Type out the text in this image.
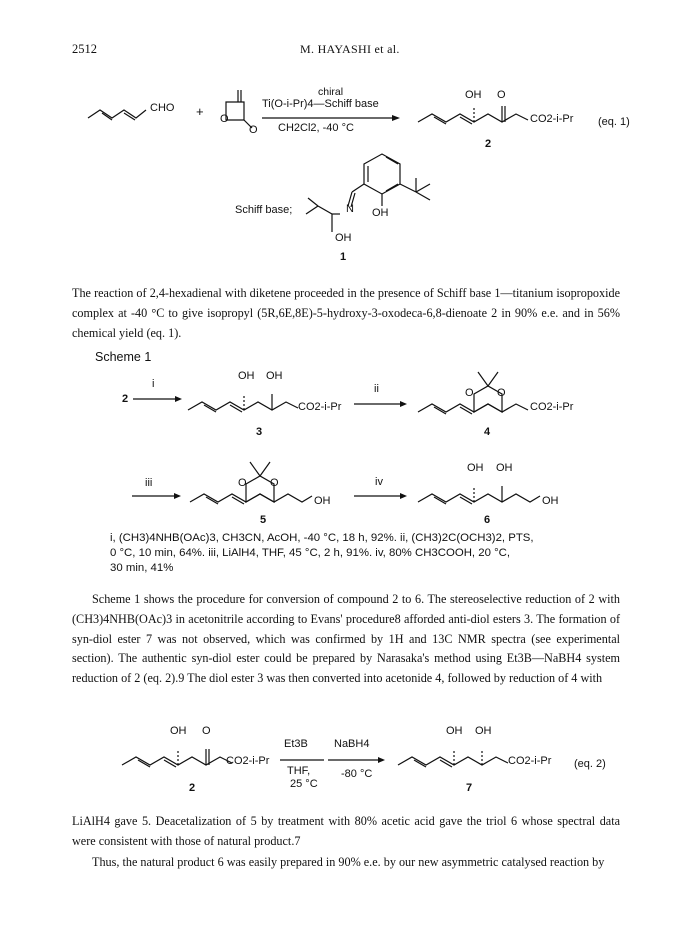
2512	M. HAYASHI et al.
CHO + O
O
chiral
Ti(O-i-Pr)4—Schiff base
CH2Cl2, -40 °C
OH O
CO2-i-Pr
2
(eq. 1)
Schiff base;	N OH
OH
1

The reaction of 2,4-hexadienal with diketene proceeded in the presence of Schiff base 1—titanium isopropoxide complex at -40 °C to give isopropyl (5R,6E,8E)-5-hydroxy-3-oxodeca-6,8-dienoate 2 in 90% e.e. and in 56% chemical yield (eq. 1).

Scheme 1
2
i
OH OH
CO2-i-Pr
3
ii	O O
CO2-i-Pr
4
iii	O O
OH
5
iv
OH OH
OH
6
i, (CH3)4NHB(OAc)3, CH3CN, AcOH, -40 °C, 18 h, 92%. ii, (CH3)2C(OCH3)2, PTS,
0 °C, 10 min, 64%. iii, LiAlH4, THF, 45 °C, 2 h, 91%. iv, 80% CH3COOH, 20 °C,
30 min, 41%

Scheme 1 shows the procedure for conversion of compound 2 to 6. The stereoselective reduction of 2 with (CH3)4NHB(OAc)3 in acetonitrile according to Evans' procedure8 afforded anti-diol esters 3. The formation of syn-diol ester 7 was not observed, which was confirmed by 1H and 13C NMR spectra (see experimental section). The authentic syn-diol ester could be prepared by Narasaka's method using Et3B—NaBH4 system reduction of 2 (eq. 2).9 The diol ester 3 was then converted into acetonide 4, followed by reduction of 4 with

OH O
CO2-i-Pr
2
Et3B NaBH4
THF,
25 °C
-80 °C
OH OH
CO2-i-Pr
7
(eq. 2)

LiAlH4 gave 5. Deacetalization of 5 by treatment with 80% acetic acid gave the triol 6 whose spectral data were consistent with those of natural product.7

Thus, the natural product 6 was easily prepared in 90% e.e. by our new asymmetric catalysed reaction by
